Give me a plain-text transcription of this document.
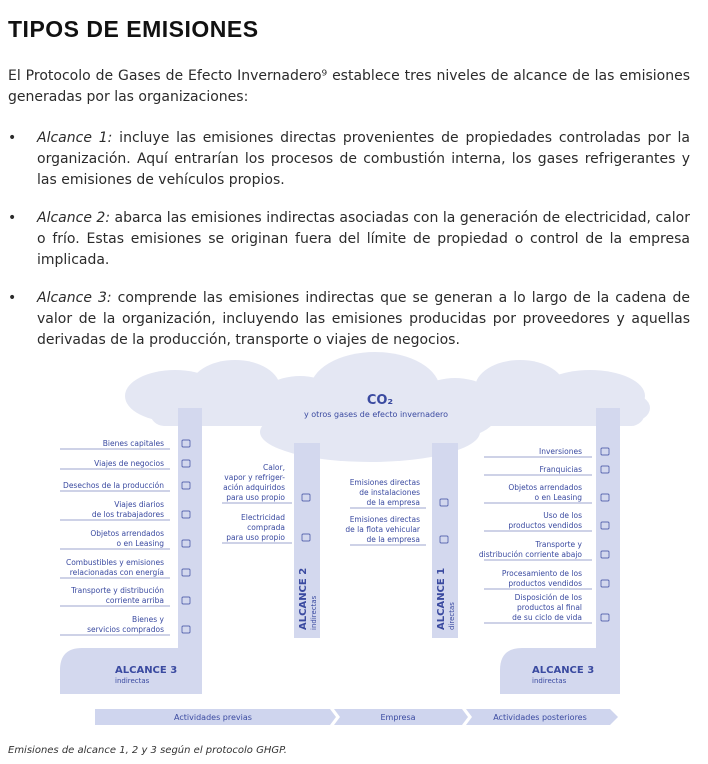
TIPOS DE EMISIONES

El Protocolo de Gases de Efecto Invernadero⁹ establece tres niveles de alcance de las emisiones generadas por las organizaciones:

• Alcance 1: incluye las emisiones directas provenientes de propiedades controladas por la organización. Aquí entrarían los procesos de combustión interna, los gases refrigerantes y las emisiones de vehículos propios.
• Alcance 2: abarca las emisiones indirectas asociadas con la generación de electricidad, calor o frío. Estas emisiones se originan fuera del límite de propiedad o control de la empresa implicada.
• Alcance 3: comprende las emisiones indirectas que se generan a lo largo de la cadena de valor de la organización, incluyendo las emisiones producidas por proveedores y aquellas derivadas de la producción, transporte o viajes de negocios.
CO₂
y otros gases de efecto invernadero
Bienes capitales
Viajes de negocios
Desechos de la producción
Viajes diarios
de los trabajadores
Objetos arrendados
o en Leasing
Combustibles y emisiones
relacionadas con energía
Transporte y distribución
corriente arriba
Bienes y
servicios comprados
Calor,
vapor y refriger-
ación adquiridos
para uso propio
Electricidad
comprada
para uso propio
Emisiones directas
de instalaciones
de la empresa
Emisiones directas
de la flota vehicular
de la empresa
Inversiones
Franquicias
Objetos arrendados
o en Leasing
Uso de los
productos vendidos
Transporte y
distribución corriente abajo
Procesamiento de los
productos vendidos
Disposición de los
productos al final
de su ciclo de vida
ALCANCE 2 indirectas	ALCANCE 1 directas
ALCANCE 3
indirectas
ALCANCE 3
indirectas
Actividades previas	Empresa	Actividades posteriores
Emisiones de alcance 1, 2 y 3 según el protocolo GHGP.
